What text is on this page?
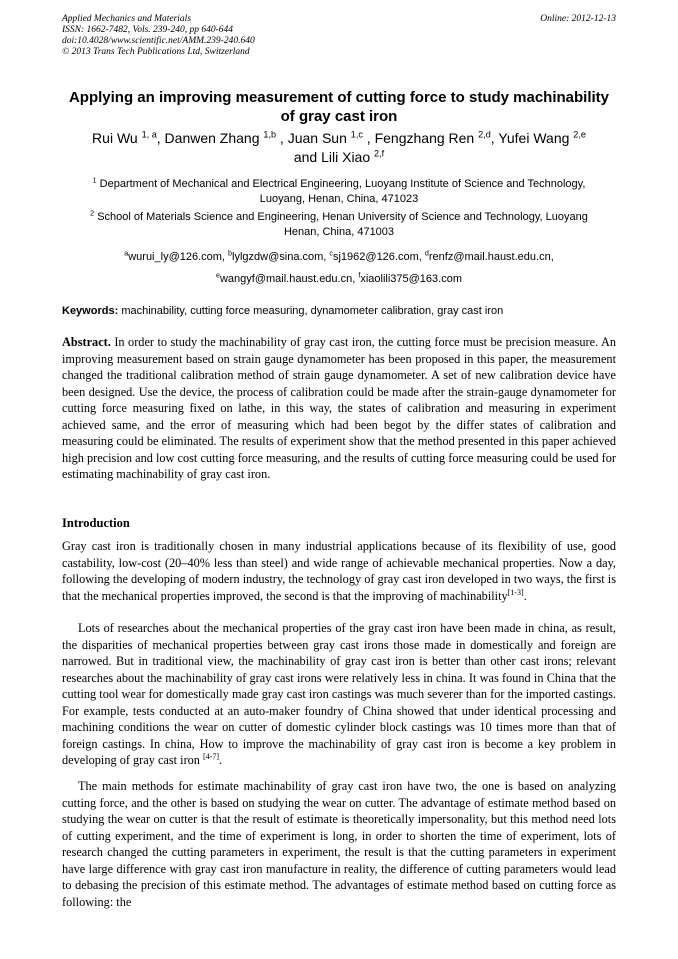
Applied Mechanics and Materials
ISSN: 1662-7482, Vols. 239-240, pp 640-644
doi:10.4028/www.scientific.net/AMM.239-240.640
© 2013 Trans Tech Publications Ltd, Switzerland
Online: 2012-12-13
Applying an improving measurement of cutting force to study machinability of gray cast iron
Rui Wu $^{1, a}$, Danwen Zhang $^{1,b}$ , Juan Sun $^{1,c}$ , Fengzhang Ren $^{2,d}$, Yufei Wang $^{2,e}$
and Lili Xiao $^{2,f}$
$^1$ Department of Mechanical and Electrical Engineering, Luoyang Institute of Science and Technology, Luoyang, Henan, China, 471023
$^2$ School of Materials Science and Engineering, Henan University of Science and Technology, Luoyang Henan, China, 471003
$^a$wurui_ly@126.com, $^b$lylgzdw@sina.com, $^c$sj1962@126.com, $^d$renfz@mail.haust.edu.cn,
$^e$wangyf@mail.haust.edu.cn, $^f$xiaolili375@163.com
Keywords: machinability, cutting force measuring, dynamometer calibration, gray cast iron
Abstract. In order to study the machinability of gray cast iron, the cutting force must be precision measure. An improving measurement based on strain gauge dynamometer has been proposed in this paper, the measurement changed the traditional calibration method of strain gauge dynamometer. A set of new calibration device have been designed. Use the device, the process of calibration could be made after the strain-gauge dynamometer for cutting force measuring fixed on lathe, in this way, the states of calibration and measuring in experiment achieved same, and the error of measuring which had been begot by the differ states of calibration and measuring could be eliminated. The results of experiment show that the method presented in this paper achieved high precision and low cost cutting force measuring, and the results of cutting force measuring could be used for estimating machinability of gray cast iron.
Introduction
Gray cast iron is traditionally chosen in many industrial applications because of its flexibility of use, good castability, low-cost (20–40% less than steel) and wide range of achievable mechanical properties. Now a day, following the developing of modern industry, the technology of gray cast iron developed in two ways, the first is that the mechanical properties improved, the second is that the improving of machinability[1-3].
Lots of researches about the mechanical properties of the gray cast iron have been made in china, as result, the disparities of mechanical properties between gray cast irons those made in domestically and foreign are narrowed. But in traditional view, the machinability of gray cast iron is better than other cast irons; relevant researches about the machinability of gray cast irons were relatively less in china. It was found in China that the cutting tool wear for domestically made gray cast iron castings was much severer than for the imported castings. For example, tests conducted at an auto-maker foundry of China showed that under identical processing and machining conditions the wear on cutter of domestic cylinder block castings was 10 times more than that of foreign castings. In china, How to improve the machinability of gray cast iron is become a key problem in developing of gray cast iron [4-7].
The main methods for estimate machinability of gray cast iron have two, the one is based on analyzing cutting force, and the other is based on studying the wear on cutter. The advantage of estimate method based on studying the wear on cutter is that the result of estimate is theoretically impersonality, but this method need lots of cutting experiment, and the time of experiment is long, in order to shorten the time of experiment, lots of research changed the cutting parameters in experiment, the result is that the cutting parameters in experiment have large difference with gray cast iron manufacture in reality, the difference of cutting parameters would lead to debasing the precision of this estimate method. The advantages of estimate method based on cutting force as following: the
